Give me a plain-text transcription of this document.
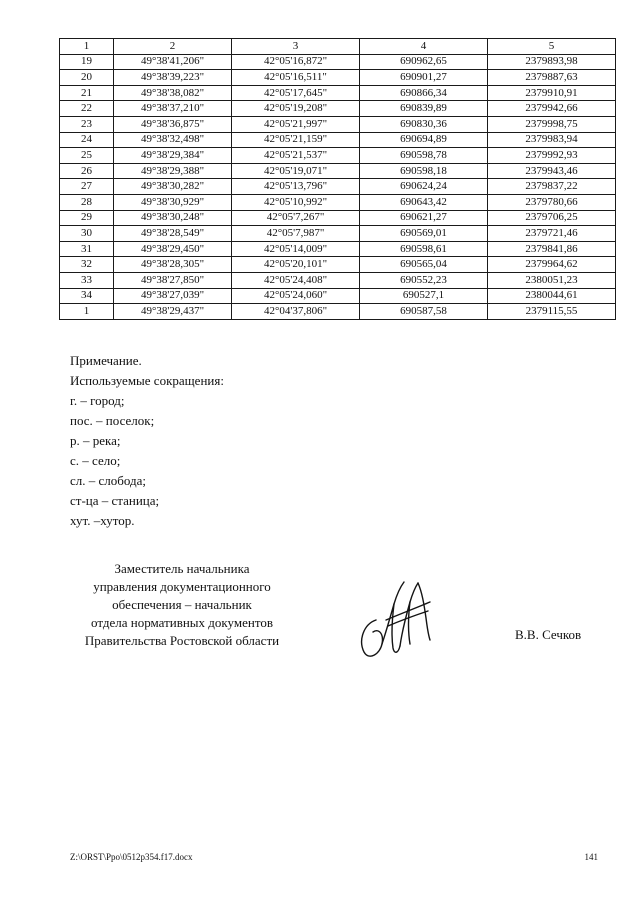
1	2	3	4	5
19	49°38'41,206"	42°05'16,872"	690962,65	2379893,98
20	49°38'39,223"	42°05'16,511"	690901,27	2379887,63
21	49°38'38,082"	42°05'17,645"	690866,34	2379910,91
22	49°38'37,210"	42°05'19,208"	690839,89	2379942,66
23	49°38'36,875"	42°05'21,997"	690830,36	2379998,75
24	49°38'32,498"	42°05'21,159"	690694,89	2379983,94
25	49°38'29,384"	42°05'21,537"	690598,78	2379992,93
26	49°38'29,388"	42°05'19,071"	690598,18	2379943,46
27	49°38'30,282"	42°05'13,796"	690624,24	2379837,22
28	49°38'30,929"	42°05'10,992"	690643,42	2379780,66
29	49°38'30,248"	42°05'7,267"	690621,27	2379706,25
30	49°38'28,549"	42°05'7,987"	690569,01	2379721,46
31	49°38'29,450"	42°05'14,009"	690598,61	2379841,86
32	49°38'28,305"	42°05'20,101"	690565,04	2379964,62
33	49°38'27,850"	42°05'24,408"	690552,23	2380051,23
34	49°38'27,039"	42°05'24,060"	690527,1	2380044,61
1	49°38'29,437"	42°04'37,806"	690587,58	2379115,55
Примечание.
Используемые сокращения:
г. – город;
пос. – поселок;
р. – река;
с. – село;
сл. – слобода;
ст-ца – станица;
хут. –хутор.
Заместитель начальника
управления документационного
обеспечения – начальник
отдела нормативных документов
Правительства Ростовской области	В.В. Сечков
Z:\ORST\Ppo\0512p354.f17.docx	141
